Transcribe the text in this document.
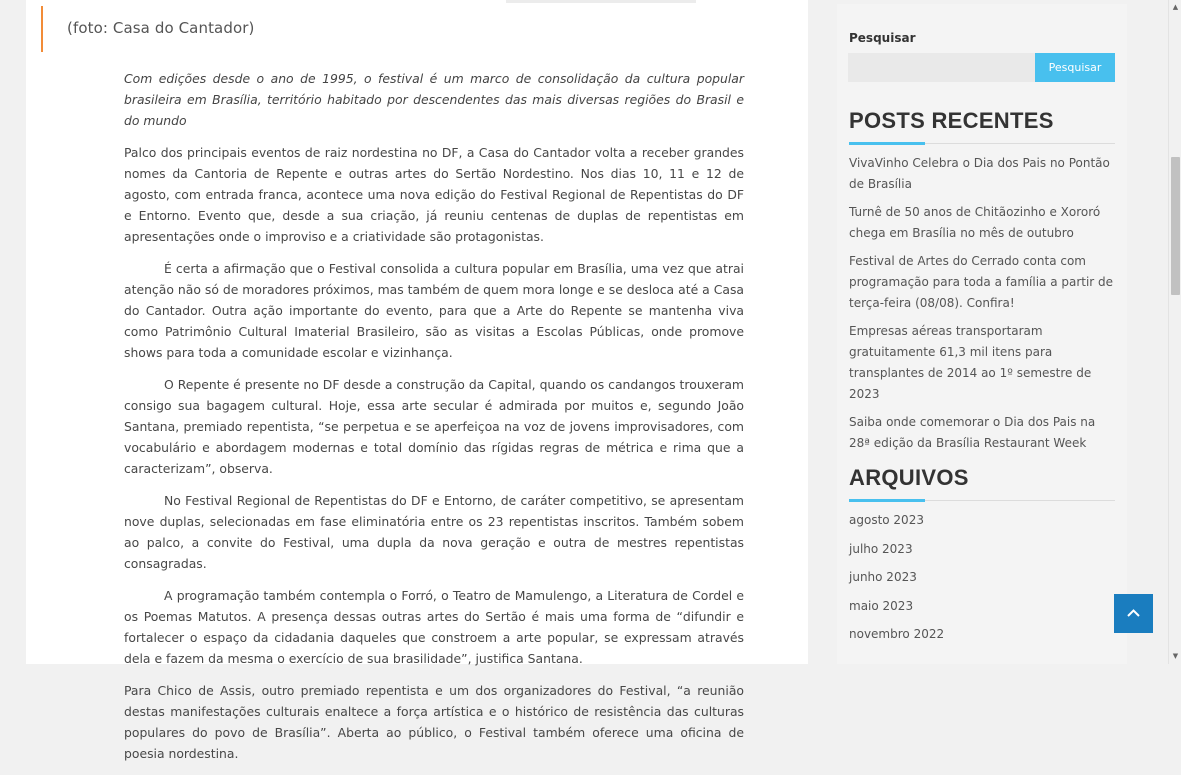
(foto: Casa do Cantador)

Com edições desde o ano de 1995, o festival é um marco de consolidação da cultura popular brasileira em Brasília, território habitado por descendentes das mais diversas regiões do Brasil e do mundo

Palco dos principais eventos de raiz nordestina no DF, a Casa do Cantador volta a receber grandes nomes da Cantoria de Repente e outras artes do Sertão Nordestino. Nos dias 10, 11 e 12 de agosto, com entrada franca, acontece uma nova edição do Festival Regional de Repentistas do DF e Entorno. Evento que, desde a sua criação, já reuniu centenas de duplas de repentistas em apresentações onde o improviso e a criatividade são protagonistas.

É certa a afirmação que o Festival consolida a cultura popular em Brasília, uma vez que atrai atenção não só de moradores próximos, mas também de quem mora longe e se desloca até a Casa do Cantador. Outra ação importante do evento, para que a Arte do Repente se mantenha viva como Patrimônio Cultural Imaterial Brasileiro, são as visitas a Escolas Públicas, onde promove shows para toda a comunidade escolar e vizinhança.

O Repente é presente no DF desde a construção da Capital, quando os candangos trouxeram consigo sua bagagem cultural. Hoje, essa arte secular é admirada por muitos e, segundo João Santana, premiado repentista, “se perpetua e se aperfeiçoa na voz de jovens improvisadores, com vocabulário e abordagem modernas e total domínio das rígidas regras de métrica e rima que a caracterizam”, observa.

No Festival Regional de Repentistas do DF e Entorno, de caráter competitivo, se apresentam nove duplas, selecionadas em fase eliminatória entre os 23 repentistas inscritos. Também sobem ao palco, a convite do Festival, uma dupla da nova geração e outra de mestres repentistas consagradas.

A programação também contempla o Forró, o Teatro de Mamulengo, a Literatura de Cordel e os Poemas Matutos. A presença dessas outras artes do Sertão é mais uma forma de “difundir e fortalecer o espaço da cidadania daqueles que constroem a arte popular, se expressam através dela e fazem da mesma o exercício de sua brasilidade”, justifica Santana.

Para Chico de Assis, outro premiado repentista e um dos organizadores do Festival, “a reunião destas manifestações culturais enaltece a força artística e o histórico de resistência das culturas populares do povo de Brasília”. Aberta ao público, o Festival também oferece uma oficina de poesia nordestina.

Pesquisar
Pesquisar
POSTS RECENTES
VivaVinho Celebra o Dia dos Pais no Pontão de Brasília
Turnê de 50 anos de Chitãozinho e Xororó chega em Brasília no mês de outubro
Festival de Artes do Cerrado conta com programação para toda a família a partir de terça-feira (08/08). Confira!
Empresas aéreas transportaram gratuitamente 61,3 mil itens para transplantes de 2014 ao 1º semestre de 2023
Saiba onde comemorar o Dia dos Pais na 28ª edição da Brasília Restaurant Week
ARQUIVOS
agosto 2023
julho 2023
junho 2023
maio 2023
novembro 2022
▲
▼
